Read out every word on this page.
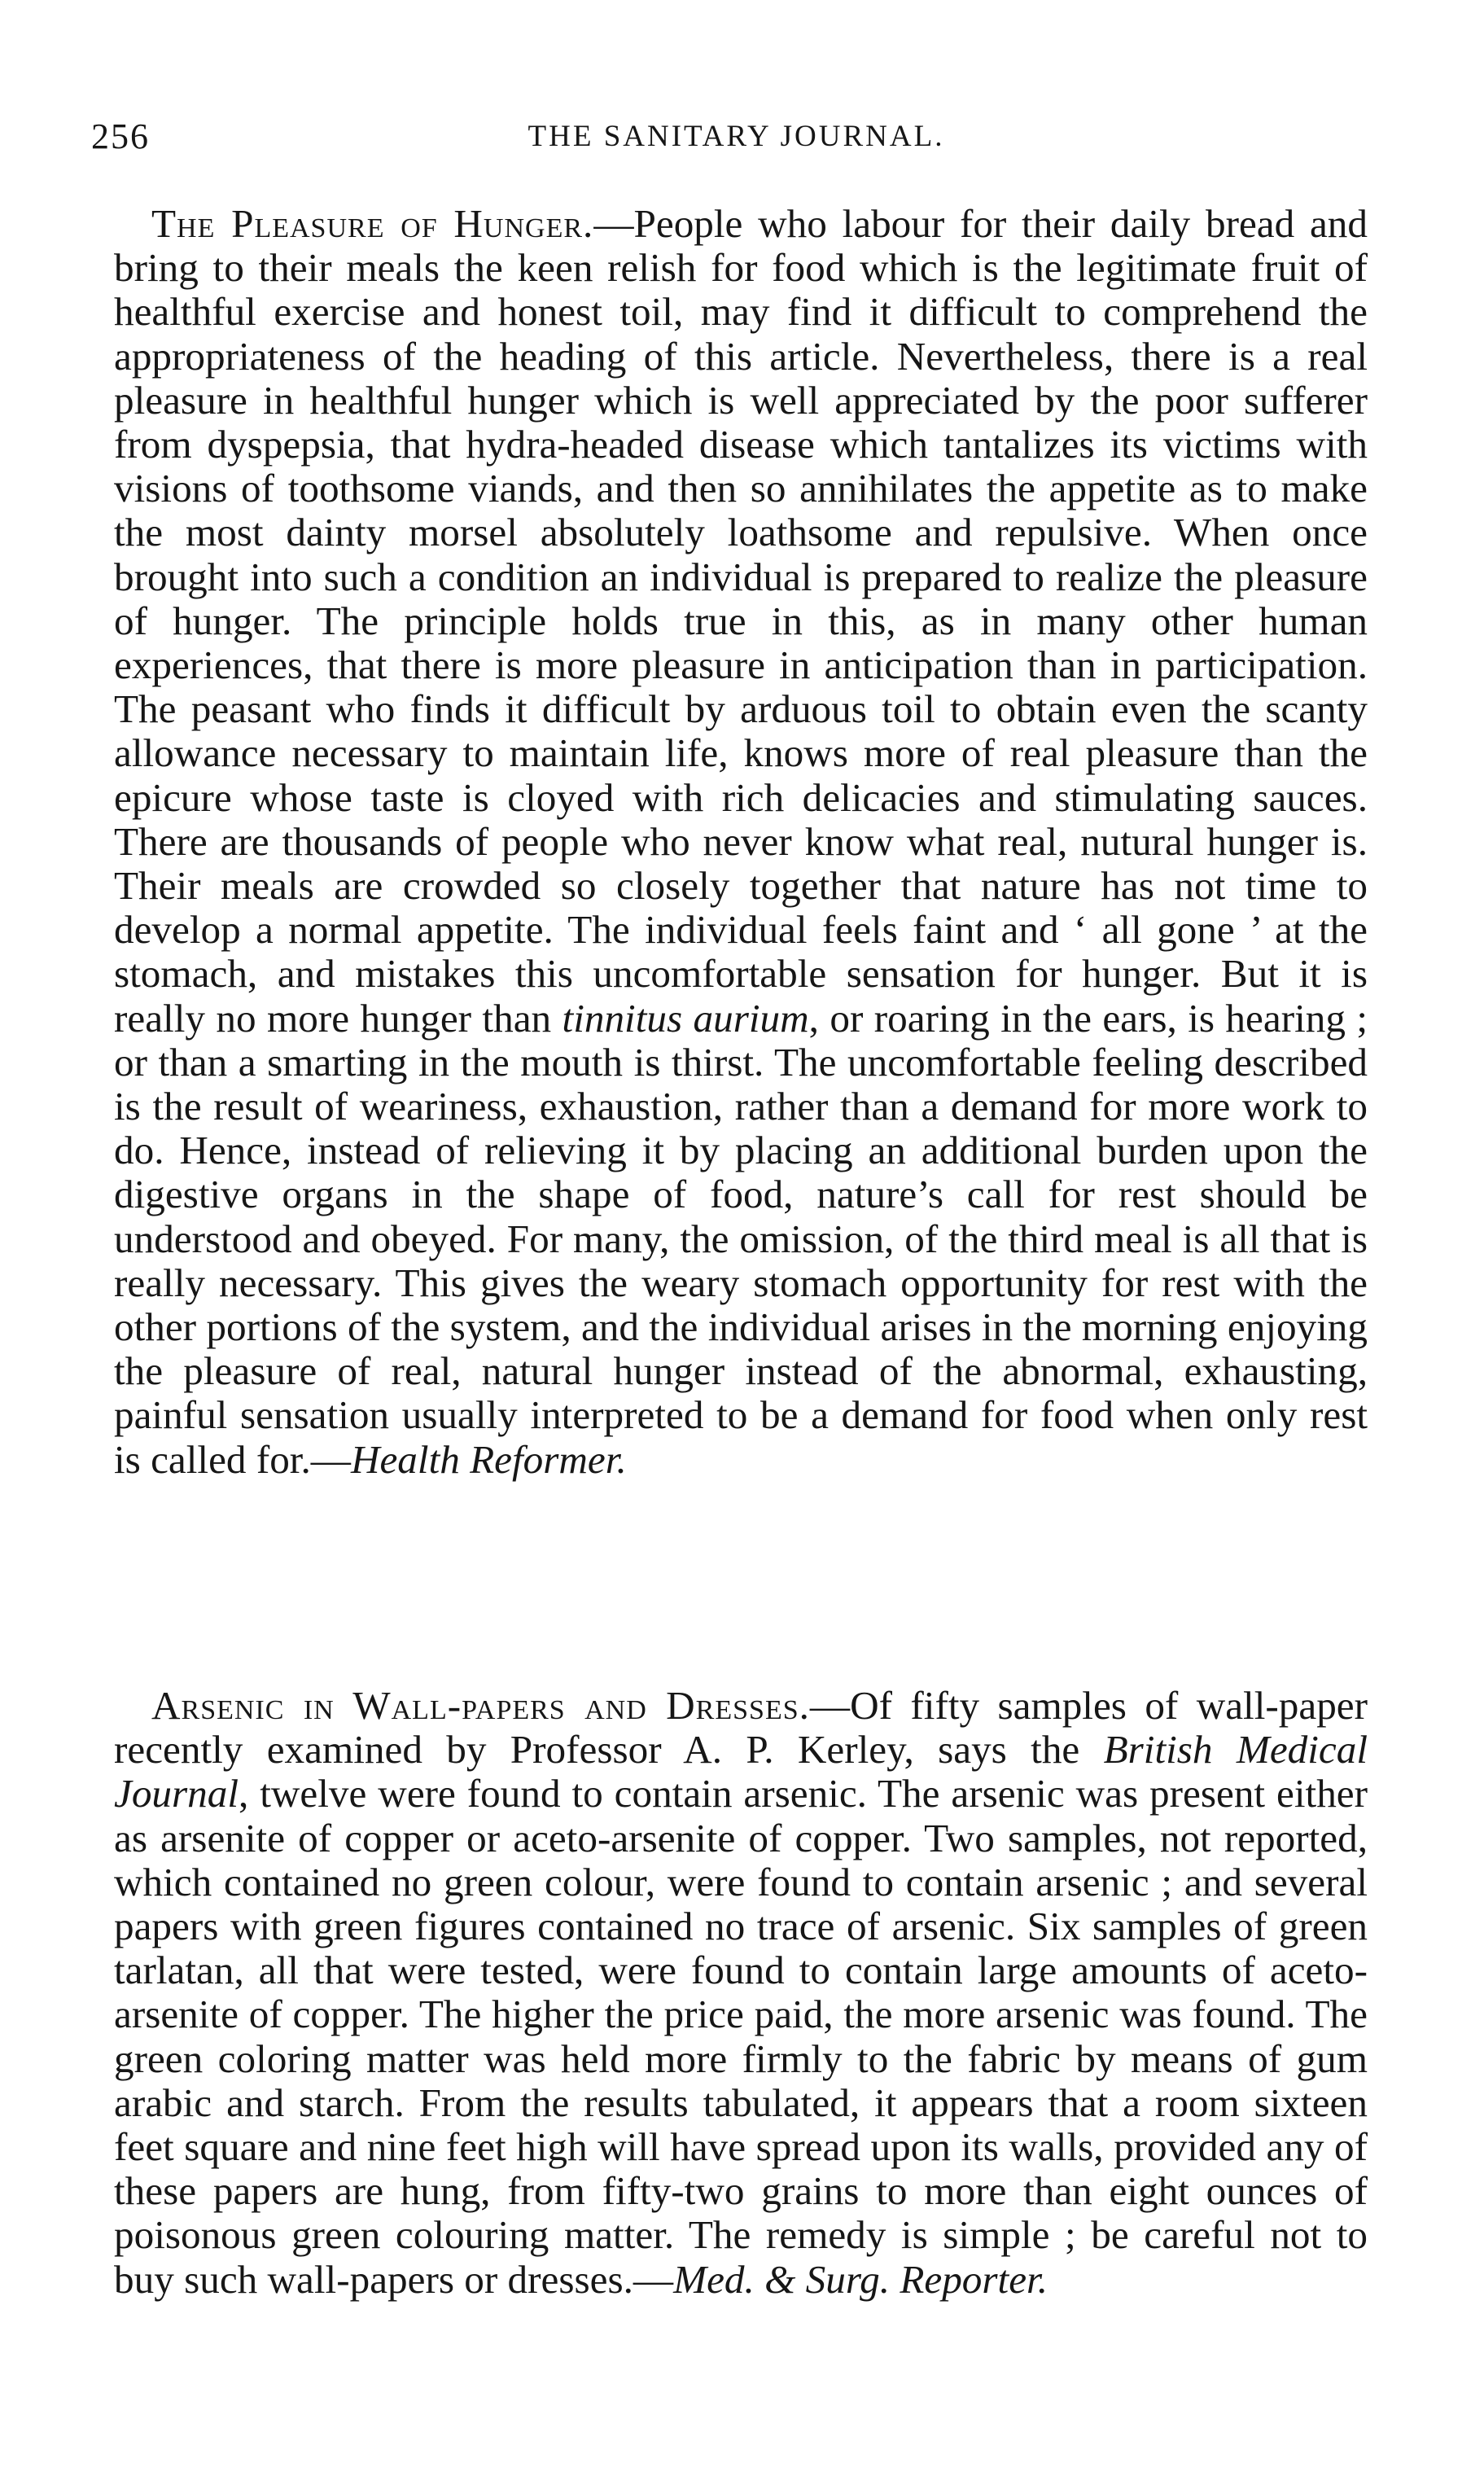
256	THE SANITARY JOURNAL.

The Pleasure of Hunger.—People who labour for their daily bread and bring to their meals the keen relish for food which is the legitimate fruit of healthful exercise and honest toil, may find it difficult to comprehend the appropriateness of the heading of this article. Nevertheless, there is a real pleasure in healthful hunger which is well appreciated by the poor sufferer from dyspepsia, that hydra-headed disease which tantalizes its victims with visions of toothsome viands, and then so annihilates the appetite as to make the most dainty morsel absolutely loathsome and repulsive. When once brought into such a condition an individual is prepared to realize the pleasure of hunger. The principle holds true in this, as in many other human experiences, that there is more pleasure in anticipation than in participation. The peasant who finds it difficult by arduous toil to obtain even the scanty allowance necessary to maintain life, knows more of real pleasure than the epicure whose taste is cloyed with rich delicacies and stimulating sauces. There are thousands of people who never know what real, nutural hunger is. Their meals are crowded so closely together that nature has not time to develop a normal appetite. The individual feels faint and ‘ all gone ’ at the stomach, and mistakes this uncomfortable sensation for hunger. But it is really no more hunger than tinnitus aurium, or roaring in the ears, is hearing ; or than a smarting in the mouth is thirst. The uncomfortable feeling described is the result of weariness, exhaustion, rather than a demand for more work to do. Hence, instead of relieving it by placing an additional burden upon the digestive organs in the shape of food, nature’s call for rest should be understood and obeyed. For many, the omission, of the third meal is all that is really necessary. This gives the weary stomach opportunity for rest with the other portions of the system, and the individual arises in the morning enjoying the pleasure of real, natural hunger instead of the abnormal, exhausting, painful sensation usually interpreted to be a demand for food when only rest is called for.—Health Reformer.

Arsenic in Wall-papers and Dresses.—Of fifty samples of wall-paper recently examined by Professor A. P. Kerley, says the British Medical Journal, twelve were found to contain arsenic. The arsenic was present either as arsenite of copper or aceto-arsenite of copper. Two samples, not reported, which contained no green colour, were found to contain arsenic ; and several papers with green figures contained no trace of arsenic. Six samples of green tarlatan, all that were tested, were found to contain large amounts of aceto-arsenite of copper. The higher the price paid, the more arsenic was found. The green coloring matter was held more firmly to the fabric by means of gum arabic and starch. From the results tabulated, it appears that a room sixteen feet square and nine feet high will have spread upon its walls, provided any of these papers are hung, from fifty-two grains to more than eight ounces of poisonous green colouring matter. The remedy is simple ; be careful not to buy such wall-papers or dresses.—Med. & Surg. Reporter.
